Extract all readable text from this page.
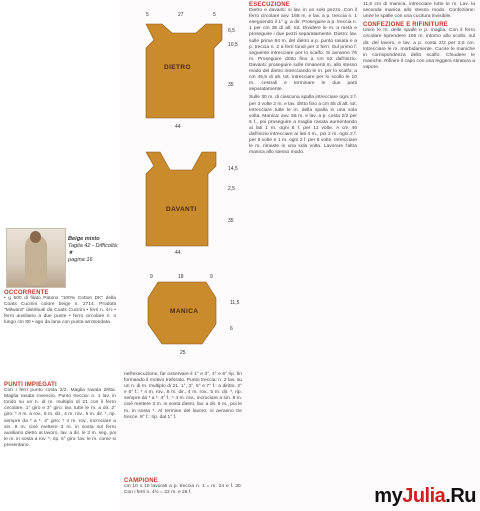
Beige misto
Taglia 42 - Difficoltà: ★
pagina 16
OCCORRENTE
• g 500 di filato Patons "100% Cotton DK" della Coats Cucirini colore beige n. 2714. Prodotti "Milward" distribuiti da Coats Cucirini • ferri n. 4½ • ferro ausiliario a due punte • ferro circolare n. 4 lungo cm 80 • ago da lana con punta arrotondata.
PUNTI IMPIEGATI
Con i ferri punto costa 2/2. Maglia rasata dritta. Maglia rasata rovescio. Punto treccia: n. 1 lav. in tondo su un n. di m. multiplo di 21 con il ferro circolare. 1° giro e 3° giro: lav. tutte le m. a dir. 2° giro: * 4 m. a rov., 8 m. dir., 4 m. rov., 5 m. dir. *, rip. sempre da * a *. 4° giro: * 4 m. rov., incrociare a sin. 8 m. cioè mettere 3 m. in sosta sul ferro ausiliario dietro al lavoro, lav. a dir. le 3 m. seg. poi le m. in sosta a rov. *, rip. 5° giro: lav. le m. come si presentano.
5	27	5
6,5
10,5
35
DIETRO
44
14,5
2,5
35
DAVANTI
44
9	18	9
11,5
6
MANICA
25
nell'esecuzione, far osservare il 1° e 3°, 4° e 6° rip. fin formando il motivo traforato. Punto treccia: n. 2 lav. su un n. di m. multiplo di 21. 1°, 3°, 5° e 7° f.: a diritto. 2° e 6° f.: * 4 m. rov., 8 m. dir., 4 m. rov., 5 m. dir. *, rip. sempre da * a *. 4° f.: * 4 m. rov., incrociare a sin. 8 m. cioè mettere 3 m. in sosta dietro, lav. a dir. 5 m., poi le m. in sosta *. Al termine del lavoro, si avranno tre trecce. 8° f.: rip. dal 1° f.
CAMPIONE
cm 10 x 10 lavorati a p. treccia n. 1 = m. 24 e f. 30. Con i ferri n. 4½ = 22 m. e 28 f.
ESECUZIONE
Dietro e davanti: si lav. in un solo pezzo. Con il ferro circolare avv. 168 m. e lav. a p. treccia n. 1 eseguendo il 1° g. a dir. Proseguire a p. treccia n. 1 per cm 35 di alt. tot. Dividere le m. a metà e proseguire i due pezzi separatamente. Dietro: lav. sulle prime 84 m. del dietro a p. punto rasata e a p. treccia n. 2 a ferri tondi per 3 ferri. Sul primo f. seguente intrecciare per lo scalfo. Si avranno 76 m. Proseguire dritto fino a cm 52 dall'inizio. Davanti: proseguire sulle rimanenti m. allo stesso modo del dietro intrecciando le m. per lo scalfo; a cm 45,5 di alt. tot. intrecciare per lo scollo le 10 m. centrali e terminare le due parti separatamente.
Sulle 30 m. di ciascuna spalla intrecciare ogni 2 f. per 3 volte 2 m. e lav. dritto fino a cm 55 di alt. tot. Intrecciare tutte le m. della spalla in una sola volta. Manica: avv. 56 m. e lav. a p. costa 2/2 per 6 f., poi proseguire a maglia rasata aumentando ai lati 1 m. ogni 6 f. per 11 volte. A cm 46 dall'inizio intrecciare ai lati 4 m., poi 2 m. ogni 2 f. per 5 volte e 1 m. ogni 2 f. per 8 volte. Intrecciare le m. rimaste in una sola volta. Lavorare l'altra manica allo stesso modo.
11,5 cm di manica, intrecciare tutte le m. Lav. la seconda manica allo stesso modo. Confezione: unire le spalle con una cucitura invisibile.
CONFEZIONE E RIFINITURE
Unire le m. delle spalle e p. maglia. Con il ferro circolare riprendere 106 m. intorno allo scollo, sul dir. del lavoro, e lav. a p. costa 2/2 per 2,5 cm. Intrecciare le m. morbidamente. Cucire le maniche in corrispondenza dello scalfo. Chiudere le maniche. Rifinire il capo con una leggera stiratura a vapore.
myJulia.Ru
